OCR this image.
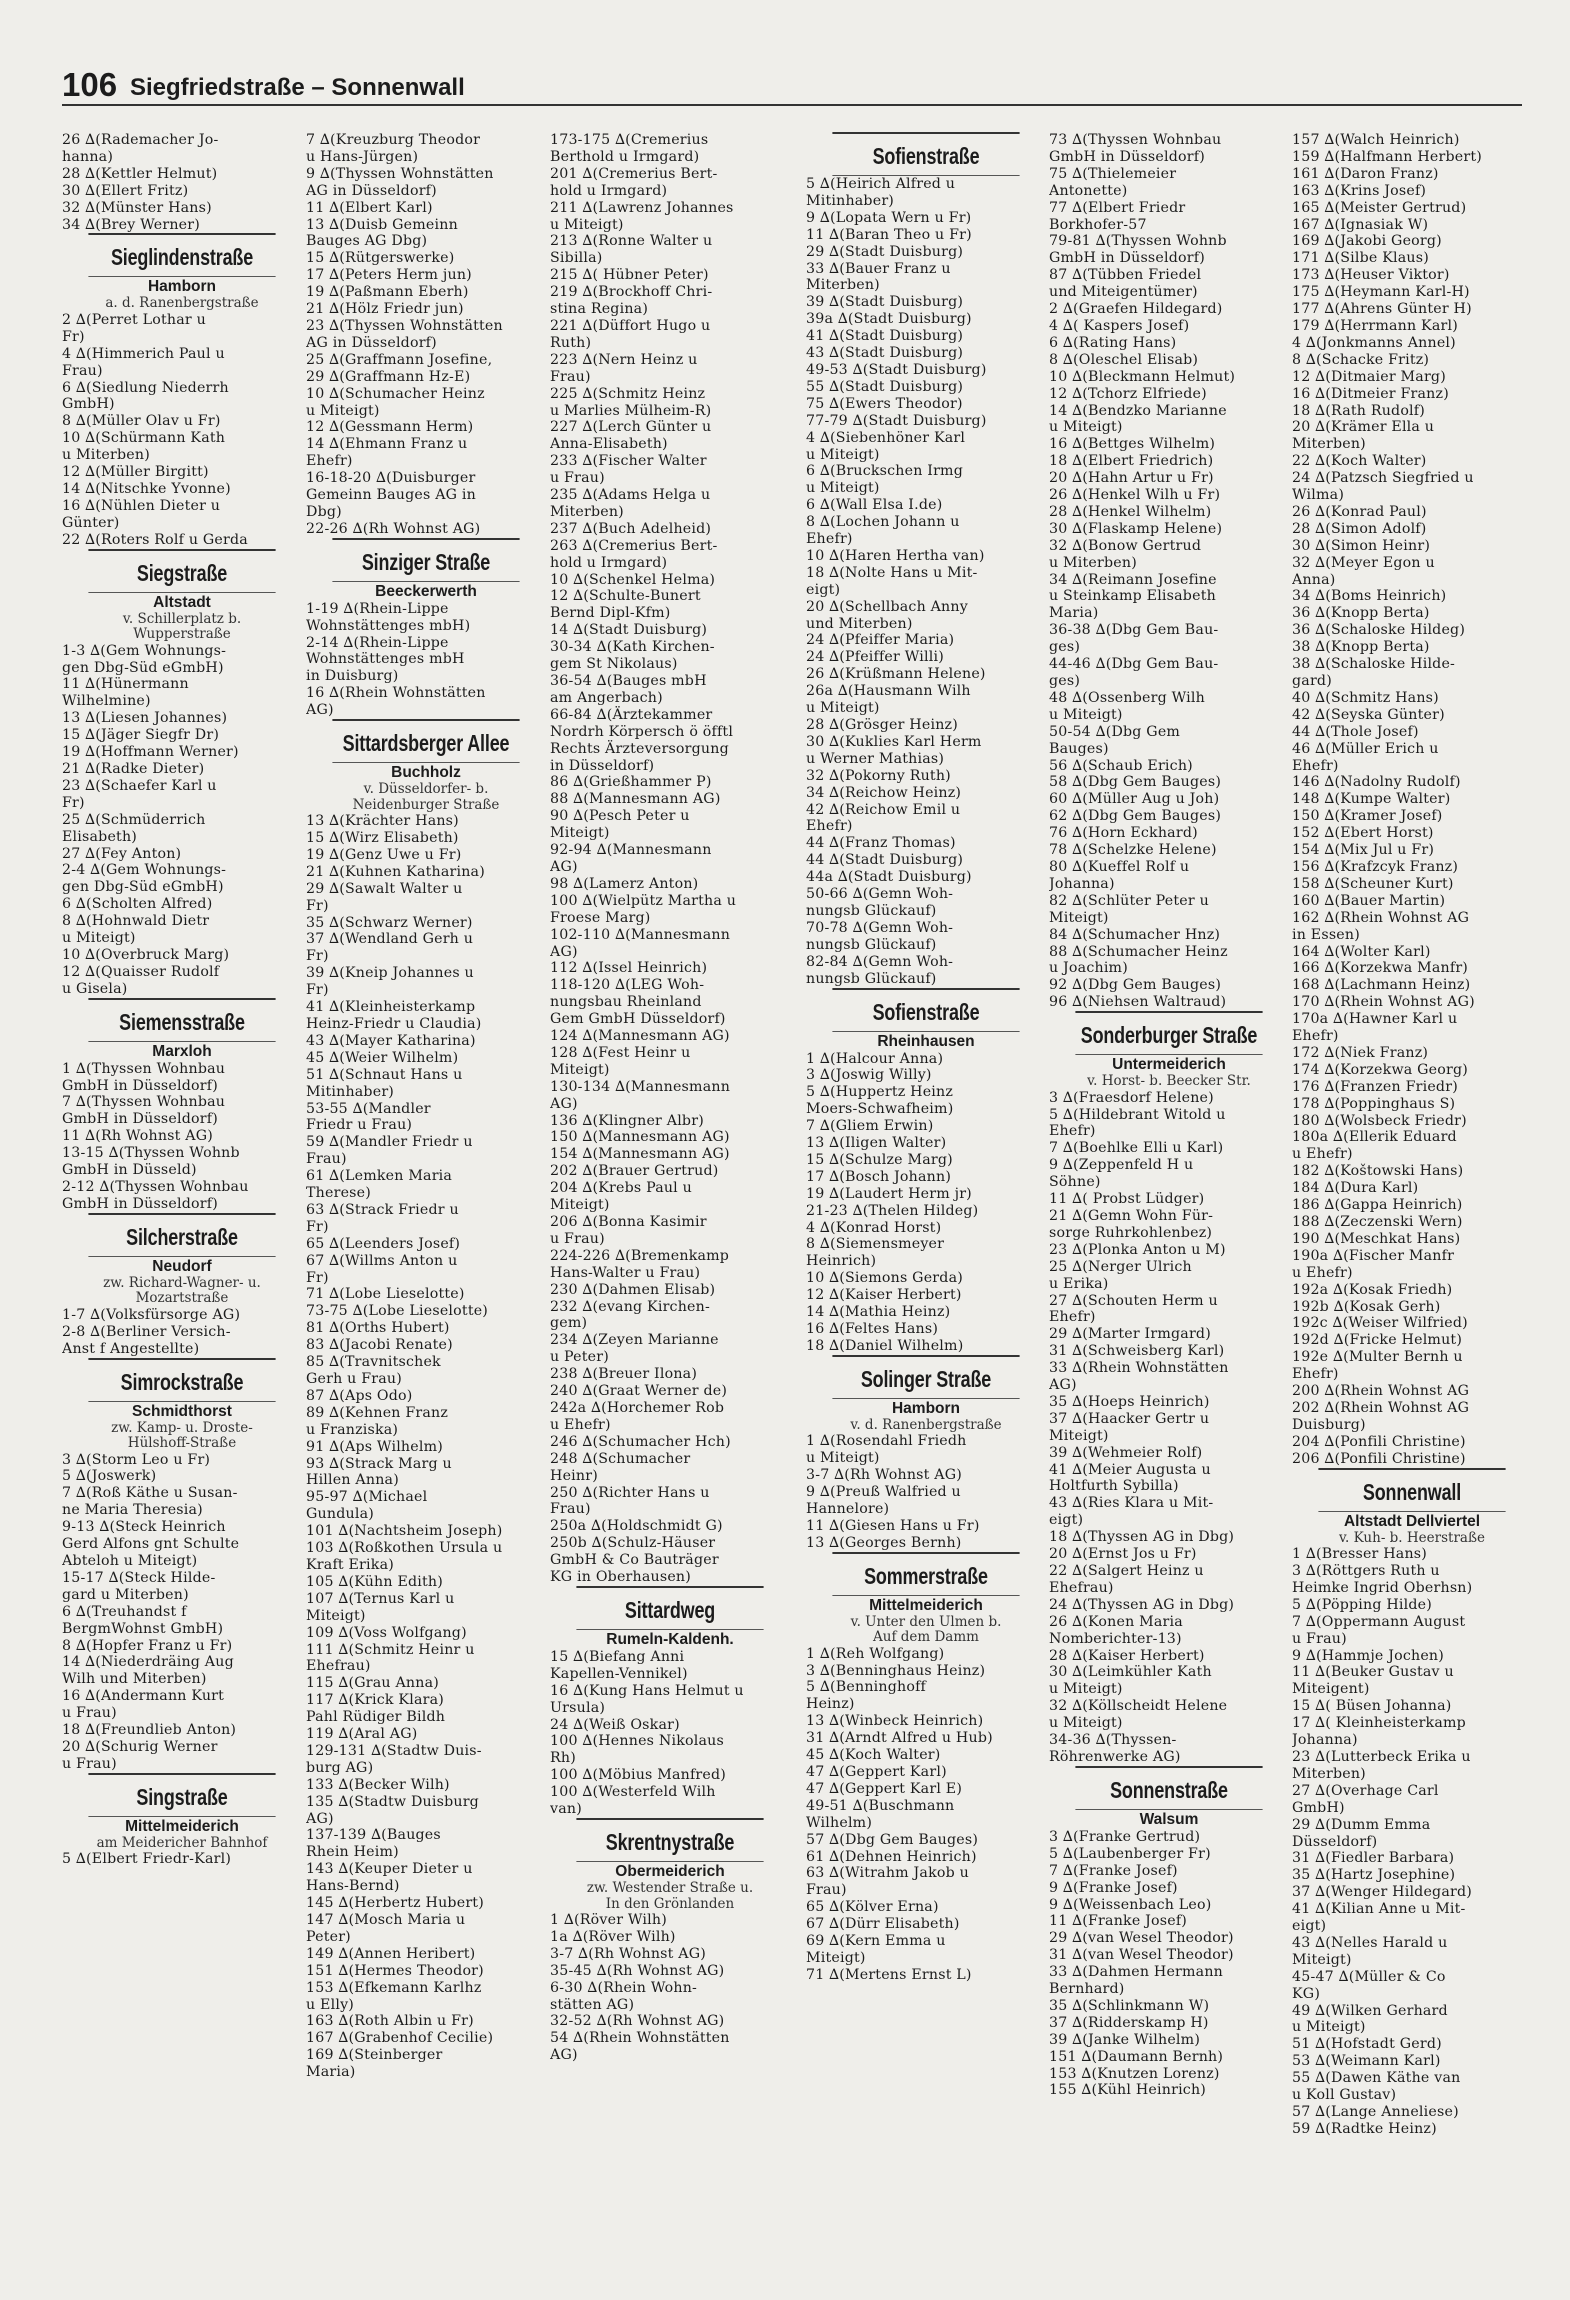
106 Siegfriedstraße – Sonnenwall
26 ∆(Rademacher Jo-
hanna)
28 ∆(Kettler Helmut)
30 ∆(Ellert Fritz)
32 ∆(Münster Hans)
34 ∆(Brey Werner)
Sieglindenstraße
Hamborn
a. d. Ranenbergstraße
2 ∆(Perret Lothar u
Fr)
4 ∆(Himmerich Paul u
Frau)
6 ∆(Siedlung Niederrh
GmbH)
8 ∆(Müller Olav u Fr)
10 ∆(Schürmann Kath
u Miterben)
12 ∆(Müller Birgitt)
14 ∆(Nitschke Yvonne)
16 ∆(Nühlen Dieter u
Günter)
22 ∆(Roters Rolf u Gerda
Siegstraße
Altstadt
v. Schillerplatz b.
Wupperstraße
1-3 ∆(Gem Wohnungs-
gen Dbg-Süd eGmbH)
11 ∆(Hünermann
Wilhelmine)
13 ∆(Liesen Johannes)
15 ∆(Jäger Siegfr Dr)
19 ∆(Hoffmann Werner)
21 ∆(Radke Dieter)
23 ∆(Schaefer Karl u
Fr)
25 ∆(Schmüderrich
Elisabeth)
27 ∆(Fey Anton)
2-4 ∆(Gem Wohnungs-
gen Dbg-Süd eGmbH)
6 ∆(Scholten Alfred)
8 ∆(Hohnwald Dietr
u Miteigt)
10 ∆(Overbruck Marg)
12 ∆(Quaisser Rudolf
u Gisela)
Siemensstraße
Marxloh
1 ∆(Thyssen Wohnbau
GmbH in Düsseldorf)
7 ∆(Thyssen Wohnbau
GmbH in Düsseldorf)
11 ∆(Rh Wohnst AG)
13-15 ∆(Thyssen Wohnb
GmbH in Düsseld)
2-12 ∆(Thyssen Wohnbau
GmbH in Düsseldorf)
Silcherstraße
Neudorf
zw. Richard-Wagner- u.
Mozartstraße
1-7 ∆(Volksfürsorge AG)
2-8 ∆(Berliner Versich-
Anst f Angestellte)
Simrockstraße
Schmidthorst
zw. Kamp- u. Droste-
Hülshoff-Straße
3 ∆(Storm Leo u Fr)
5 ∆(Joswerk)
7 ∆(Roß Käthe u Susan-
ne Maria Theresia)
9-13 ∆(Steck Heinrich
Gerd Alfons gnt Schulte
Abteloh u Miteigt)
15-17 ∆(Steck Hilde-
gard u Miterben)
6 ∆(Treuhandst f
BergmWohnst GmbH)
8 ∆(Hopfer Franz u Fr)
14 ∆(Niederdräing Aug
Wilh und Miterben)
16 ∆(Andermann Kurt
u Frau)
18 ∆(Freundlieb Anton)
20 ∆(Schurig Werner
u Frau)
Singstraße
Mittelmeiderich
am Meidericher Bahnhof
5 ∆(Elbert Friedr-Karl)
7 ∆(Kreuzburg Theodor
u Hans-Jürgen)
9 ∆(Thyssen Wohnstätten
AG in Düsseldorf)
11 ∆(Elbert Karl)
13 ∆(Duisb Gemeinn
Bauges AG Dbg)
15 ∆(Rütgerswerke)
17 ∆(Peters Herm jun)
19 ∆(Paßmann Eberh)
21 ∆(Hölz Friedr jun)
23 ∆(Thyssen Wohnstätten
AG in Düsseldorf)
25 ∆(Graffmann Josefine,
29 ∆(Graffmann Hz-E)
10 ∆(Schumacher Heinz
u Miteigt)
12 ∆(Gessmann Herm)
14 ∆(Ehmann Franz u
Ehefr)
16-18-20 ∆(Duisburger
Gemeinn Bauges AG in
Dbg)
22-26 ∆(Rh Wohnst AG)
Sinziger Straße
Beeckerwerth
1-19 ∆(Rhein-Lippe
Wohnstättenges mbH)
2-14 ∆(Rhein-Lippe
Wohnstättenges mbH
in Duisburg)
16 ∆(Rhein Wohnstätten
AG)
Sittardsberger Allee
Buchholz
v. Düsseldorfer- b.
Neidenburger Straße
13 ∆(Krächter Hans)
15 ∆(Wirz Elisabeth)
19 ∆(Genz Uwe u Fr)
21 ∆(Kuhnen Katharina)
29 ∆(Sawalt Walter u
Fr)
35 ∆(Schwarz Werner)
37 ∆(Wendland Gerh u
Fr)
39 ∆(Kneip Johannes u
Fr)
41 ∆(Kleinheisterkamp
Heinz-Friedr u Claudia)
43 ∆(Mayer Katharina)
45 ∆(Weier Wilhelm)
51 ∆(Schnaut Hans u
Mitinhaber)
53-55 ∆(Mandler
Friedr u Frau)
59 ∆(Mandler Friedr u
Frau)
61 ∆(Lemken Maria
Therese)
63 ∆(Strack Friedr u
Fr)
65 ∆(Leenders Josef)
67 ∆(Willms Anton u
Fr)
71 ∆(Lobe Lieselotte)
73-75 ∆(Lobe Lieselotte)
81 ∆(Orths Hubert)
83 ∆(Jacobi Renate)
85 ∆(Travnitschek
Gerh u Frau)
87 ∆(Aps Odo)
89 ∆(Kehnen Franz
u Franziska)
91 ∆(Aps Wilhelm)
93 ∆(Strack Marg u
Hillen Anna)
95-97 ∆(Michael
Gundula)
101 ∆(Nachtsheim Joseph)
103 ∆(Roßkothen Ursula u
Kraft Erika)
105 ∆(Kühn Edith)
107 ∆(Ternus Karl u
Miteigt)
109 ∆(Voss Wolfgang)
111 ∆(Schmitz Heinr u
Ehefrau)
115 ∆(Grau Anna)
117 ∆(Krick Klara)
Pahl Rüdiger Bildh
119 ∆(Aral AG)
129-131 ∆(Stadtw Duis-
burg AG)
133 ∆(Becker Wilh)
135 ∆(Stadtw Duisburg
AG)
137-139 ∆(Bauges
Rhein Heim)
143 ∆(Keuper Dieter u
Hans-Bernd)
145 ∆(Herbertz Hubert)
147 ∆(Mosch Maria u
Peter)
149 ∆(Annen Heribert)
151 ∆(Hermes Theodor)
153 ∆(Efkemann Karlhz
u Elly)
163 ∆(Roth Albin u Fr)
167 ∆(Grabenhof Cecilie)
169 ∆(Steinberger
Maria)
173-175 ∆(Cremerius
Berthold u Irmgard)
201 ∆(Cremerius Bert-
hold u Irmgard)
211 ∆(Lawrenz Johannes
u Miteigt)
213 ∆(Ronne Walter u
Sibilla)
215 ∆( Hübner Peter)
219 ∆(Brockhoff Chri-
stina Regina)
221 ∆(Düffort Hugo u
Ruth)
223 ∆(Nern Heinz u
Frau)
225 ∆(Schmitz Heinz
u Marlies Mülheim-R)
227 ∆(Lerch Günter u
Anna-Elisabeth)
233 ∆(Fischer Walter
u Frau)
235 ∆(Adams Helga u
Miterben)
237 ∆(Buch Adelheid)
263 ∆(Cremerius Bert-
hold u Irmgard)
10 ∆(Schenkel Helma)
12 ∆(Schulte-Bunert
Bernd Dipl-Kfm)
14 ∆(Stadt Duisburg)
30-34 ∆(Kath Kirchen-
gem St Nikolaus)
36-54 ∆(Bauges mbH
am Angerbach)
66-84 ∆(Ärztekammer
Nordrh Körpersch ö öfftl
Rechts Ärzteversorgung
in Düsseldorf)
86 ∆(Grießhammer P)
88 ∆(Mannesmann AG)
90 ∆(Pesch Peter u
Miteigt)
92-94 ∆(Mannesmann
AG)
98 ∆(Lamerz Anton)
100 ∆(Wielpütz Martha u
Froese Marg)
102-110 ∆(Mannesmann
AG)
112 ∆(Issel Heinrich)
118-120 ∆(LEG Woh-
nungsbau Rheinland
Gem GmbH Düsseldorf)
124 ∆(Mannesmann AG)
128 ∆(Fest Heinr u
Miteigt)
130-134 ∆(Mannesmann
AG)
136 ∆(Klingner Albr)
150 ∆(Mannesmann AG)
154 ∆(Mannesmann AG)
202 ∆(Brauer Gertrud)
204 ∆(Krebs Paul u
Miteigt)
206 ∆(Bonna Kasimir
u Frau)
224-226 ∆(Bremenkamp
Hans-Walter u Frau)
230 ∆(Dahmen Elisab)
232 ∆(evang Kirchen-
gem)
234 ∆(Zeyen Marianne
u Peter)
238 ∆(Breuer Ilona)
240 ∆(Graat Werner de)
242a ∆(Horchemer Rob
u Ehefr)
246 ∆(Schumacher Hch)
248 ∆(Schumacher
Heinr)
250 ∆(Richter Hans u
Frau)
250a ∆(Holdschmidt G)
250b ∆(Schulz-Häuser
GmbH & Co Bauträger
KG in Oberhausen)
Sittardweg
Rumeln-Kaldenh.
15 ∆(Biefang Anni
Kapellen-Vennikel)
16 ∆(Kung Hans Helmut u
Ursula)
24 ∆(Weiß Oskar)
100 ∆(Hennes Nikolaus
Rh)
100 ∆(Möbius Manfred)
100 ∆(Westerfeld Wilh
van)
Skrentnystraße
Obermeiderich
zw. Westender Straße u.
In den Grönlanden
1 ∆(Röver Wilh)
1a ∆(Röver Wilh)
3-7 ∆(Rh Wohnst AG)
35-45 ∆(Rh Wohnst AG)
6-30 ∆(Rhein Wohn-
stätten AG)
32-52 ∆(Rh Wohnst AG)
54 ∆(Rhein Wohnstätten
AG)
Sofienstraße
5 ∆(Heirich Alfred u
Mitinhaber)
9 ∆(Lopata Wern u Fr)
11 ∆(Baran Theo u Fr)
29 ∆(Stadt Duisburg)
33 ∆(Bauer Franz u
Miterben)
39 ∆(Stadt Duisburg)
39a ∆(Stadt Duisburg)
41 ∆(Stadt Duisburg)
43 ∆(Stadt Duisburg)
49-53 ∆(Stadt Duisburg)
55 ∆(Stadt Duisburg)
75 ∆(Ewers Theodor)
77-79 ∆(Stadt Duisburg)
4 ∆(Siebenhöner Karl
u Miteigt)
6 ∆(Bruckschen Irmg
u Miteigt)
6 ∆(Wall Elsa I.de)
8 ∆(Lochen Johann u
Ehefr)
10 ∆(Haren Hertha van)
18 ∆(Nolte Hans u Mit-
eigt)
20 ∆(Schellbach Anny
und Miterben)
24 ∆(Pfeiffer Maria)
24 ∆(Pfeiffer Willi)
26 ∆(Krüßmann Helene)
26a ∆(Hausmann Wilh
u Miteigt)
28 ∆(Grösger Heinz)
30 ∆(Kuklies Karl Herm
u Werner Mathias)
32 ∆(Pokorny Ruth)
34 ∆(Reichow Heinz)
42 ∆(Reichow Emil u
Ehefr)
44 ∆(Franz Thomas)
44 ∆(Stadt Duisburg)
44a ∆(Stadt Duisburg)
50-66 ∆(Gemn Woh-
nungsb Glückauf)
70-78 ∆(Gemn Woh-
nungsb Glückauf)
82-84 ∆(Gemn Woh-
nungsb Glückauf)
Sofienstraße
Rheinhausen
1 ∆(Halcour Anna)
3 ∆(Joswig Willy)
5 ∆(Huppertz Heinz
Moers-Schwafheim)
7 ∆(Gliem Erwin)
13 ∆(Iligen Walter)
15 ∆(Schulze Marg)
17 ∆(Bosch Johann)
19 ∆(Laudert Herm jr)
21-23 ∆(Thelen Hildeg)
4 ∆(Konrad Horst)
8 ∆(Siemensmeyer
Heinrich)
10 ∆(Siemons Gerda)
12 ∆(Kaiser Herbert)
14 ∆(Mathia Heinz)
16 ∆(Feltes Hans)
18 ∆(Daniel Wilhelm)
Solinger Straße
Hamborn
v. d. Ranenbergstraße
1 ∆(Rosendahl Friedh
u Miteigt)
3-7 ∆(Rh Wohnst AG)
9 ∆(Preuß Walfried u
Hannelore)
11 ∆(Giesen Hans u Fr)
13 ∆(Georges Bernh)
Sommerstraße
Mittelmeiderich
v. Unter den Ulmen b.
Auf dem Damm
1 ∆(Reh Wolfgang)
3 ∆(Benninghaus Heinz)
5 ∆(Benninghoff
Heinz)
13 ∆(Winbeck Heinrich)
31 ∆(Arndt Alfred u Hub)
45 ∆(Koch Walter)
47 ∆(Geppert Karl)
47 ∆(Geppert Karl E)
49-51 ∆(Buschmann
Wilhelm)
57 ∆(Dbg Gem Bauges)
61 ∆(Dehnen Heinrich)
63 ∆(Witrahm Jakob u
Frau)
65 ∆(Kölver Erna)
67 ∆(Dürr Elisabeth)
69 ∆(Kern Emma u
Miteigt)
71 ∆(Mertens Ernst L)
73 ∆(Thyssen Wohnbau
GmbH in Düsseldorf)
75 ∆(Thielemeier
Antonette)
77 ∆(Elbert Friedr
Borkhofer-57
79-81 ∆(Thyssen Wohnb
GmbH in Düsseldorf)
87 ∆(Tübben Friedel
und Miteigentümer)
2 ∆(Graefen Hildegard)
4 ∆( Kaspers Josef)
6 ∆(Rating Hans)
8 ∆(Oleschel Elisab)
10 ∆(Bleckmann Helmut)
12 ∆(Tchorz Elfriede)
14 ∆(Bendzko Marianne
u Miteigt)
16 ∆(Bettges Wilhelm)
18 ∆(Elbert Friedrich)
20 ∆(Hahn Artur u Fr)
26 ∆(Henkel Wilh u Fr)
28 ∆(Henkel Wilhelm)
30 ∆(Flaskamp Helene)
32 ∆(Bonow Gertrud
u Miterben)
34 ∆(Reimann Josefine
u Steinkamp Elisabeth
Maria)
36-38 ∆(Dbg Gem Bau-
ges)
44-46 ∆(Dbg Gem Bau-
ges)
48 ∆(Ossenberg Wilh
u Miteigt)
50-54 ∆(Dbg Gem
Bauges)
56 ∆(Schaub Erich)
58 ∆(Dbg Gem Bauges)
60 ∆(Müller Aug u Joh)
62 ∆(Dbg Gem Bauges)
76 ∆(Horn Eckhard)
78 ∆(Schelzke Helene)
80 ∆(Kueffel Rolf u
Johanna)
82 ∆(Schlüter Peter u
Miteigt)
84 ∆(Schumacher Hnz)
88 ∆(Schumacher Heinz
u Joachim)
92 ∆(Dbg Gem Bauges)
96 ∆(Niehsen Waltraud)
Sonderburger Straße
Untermeiderich
v. Horst- b. Beecker Str.
3 ∆(Fraesdorf Helene)
5 ∆(Hildebrant Witold u
Ehefr)
7 ∆(Boehlke Elli u Karl)
9 ∆(Zeppenfeld H u
Söhne)
11 ∆( Probst Lüdger)
21 ∆(Gemn Wohn Für-
sorge Ruhrkohlenbez)
23 ∆(Plonka Anton u M)
25 ∆(Nerger Ulrich
u Erika)
27 ∆(Schouten Herm u
Ehefr)
29 ∆(Marter Irmgard)
31 ∆(Schweisberg Karl)
33 ∆(Rhein Wohnstätten
AG)
35 ∆(Hoeps Heinrich)
37 ∆(Haacker Gertr u
Miteigt)
39 ∆(Wehmeier Rolf)
41 ∆(Meier Augusta u
Holtfurth Sybilla)
43 ∆(Ries Klara u Mit-
eigt)
18 ∆(Thyssen AG in Dbg)
20 ∆(Ernst Jos u Fr)
22 ∆(Salgert Heinz u
Ehefrau)
24 ∆(Thyssen AG in Dbg)
26 ∆(Konen Maria
Nomberichter-13)
28 ∆(Kaiser Herbert)
30 ∆(Leimkühler Kath
u Miteigt)
32 ∆(Köllscheidt Helene
u Miteigt)
34-36 ∆(Thyssen-
Röhrenwerke AG)
Sonnenstraße
Walsum
3 ∆(Franke Gertrud)
5 ∆(Laubenberger Fr)
7 ∆(Franke Josef)
9 ∆(Franke Josef)
9 ∆(Weissenbach Leo)
11 ∆(Franke Josef)
29 ∆(van Wesel Theodor)
31 ∆(van Wesel Theodor)
33 ∆(Dahmen Hermann
Bernhard)
35 ∆(Schlinkmann W)
37 ∆(Ridderskamp H)
39 ∆(Janke Wilhelm)
151 ∆(Daumann Bernh)
153 ∆(Knutzen Lorenz)
155 ∆(Kühl Heinrich)
157 ∆(Walch Heinrich)
159 ∆(Halfmann Herbert)
161 ∆(Daron Franz)
163 ∆(Krins Josef)
165 ∆(Meister Gertrud)
167 ∆(Ignasiak W)
169 ∆(Jakobi Georg)
171 ∆(Silbe Klaus)
173 ∆(Heuser Viktor)
175 ∆(Heymann Karl-H)
177 ∆(Ahrens Günter H)
179 ∆(Herrmann Karl)
4 ∆(Jonkmanns Annel)
8 ∆(Schacke Fritz)
12 ∆(Ditmaier Marg)
16 ∆(Ditmeier Franz)
18 ∆(Rath Rudolf)
20 ∆(Krämer Ella u
Miterben)
22 ∆(Koch Walter)
24 ∆(Patzsch Siegfried u
Wilma)
26 ∆(Konrad Paul)
28 ∆(Simon Adolf)
30 ∆(Simon Heinr)
32 ∆(Meyer Egon u
Anna)
34 ∆(Boms Heinrich)
36 ∆(Knopp Berta)
36 ∆(Schaloske Hildeg)
38 ∆(Knopp Berta)
38 ∆(Schaloske Hilde-
gard)
40 ∆(Schmitz Hans)
42 ∆(Seyska Günter)
44 ∆(Thole Josef)
46 ∆(Müller Erich u
Ehefr)
146 ∆(Nadolny Rudolf)
148 ∆(Kumpe Walter)
150 ∆(Kramer Josef)
152 ∆(Ebert Horst)
154 ∆(Mix Jul u Fr)
156 ∆(Krafzcyk Franz)
158 ∆(Scheuner Kurt)
160 ∆(Bauer Martin)
162 ∆(Rhein Wohnst AG
in Essen)
164 ∆(Wolter Karl)
166 ∆(Korzekwa Manfr)
168 ∆(Lachmann Heinz)
170 ∆(Rhein Wohnst AG)
170a ∆(Hawner Karl u
Ehefr)
172 ∆(Niek Franz)
174 ∆(Korzekwa Georg)
176 ∆(Franzen Friedr)
178 ∆(Poppinghaus S)
180 ∆(Wolsbeck Friedr)
180a ∆(Ellerik Eduard
u Ehefr)
182 ∆(Koštowski Hans)
184 ∆(Dura Karl)
186 ∆(Gappa Heinrich)
188 ∆(Zeczenski Wern)
190 ∆(Meschkat Hans)
190a ∆(Fischer Manfr
u Ehefr)
192a ∆(Kosak Friedh)
192b ∆(Kosak Gerh)
192c ∆(Weiser Wilfried)
192d ∆(Fricke Helmut)
192e ∆(Multer Bernh u
Ehefr)
200 ∆(Rhein Wohnst AG
202 ∆(Rhein Wohnst AG
Duisburg)
204 ∆(Ponfili Christine)
206 ∆(Ponfili Christine)
Sonnenwall
Altstadt Dellviertel
v. Kuh- b. Heerstraße
1 ∆(Bresser Hans)
3 ∆(Röttgers Ruth u
Heimke Ingrid Oberhsn)
5 ∆(Pöpping Hilde)
7 ∆(Oppermann August
u Frau)
9 ∆(Hammje Jochen)
11 ∆(Beuker Gustav u
Miteigent)
15 ∆( Büsen Johanna)
17 ∆( Kleinheisterkamp
Johanna)
23 ∆(Lutterbeck Erika u
Miterben)
27 ∆(Overhage Carl
GmbH)
29 ∆(Dumm Emma
Düsseldorf)
31 ∆(Fiedler Barbara)
35 ∆(Hartz Josephine)
37 ∆(Wenger Hildegard)
41 ∆(Kilian Anne u Mit-
eigt)
43 ∆(Nelles Harald u
Miteigt)
45-47 ∆(Müller & Co
KG)
49 ∆(Wilken Gerhard
u Miteigt)
51 ∆(Hofstadt Gerd)
53 ∆(Weimann Karl)
55 ∆(Dawen Käthe van
u Koll Gustav)
57 ∆(Lange Anneliese)
59 ∆(Radtke Heinz)
